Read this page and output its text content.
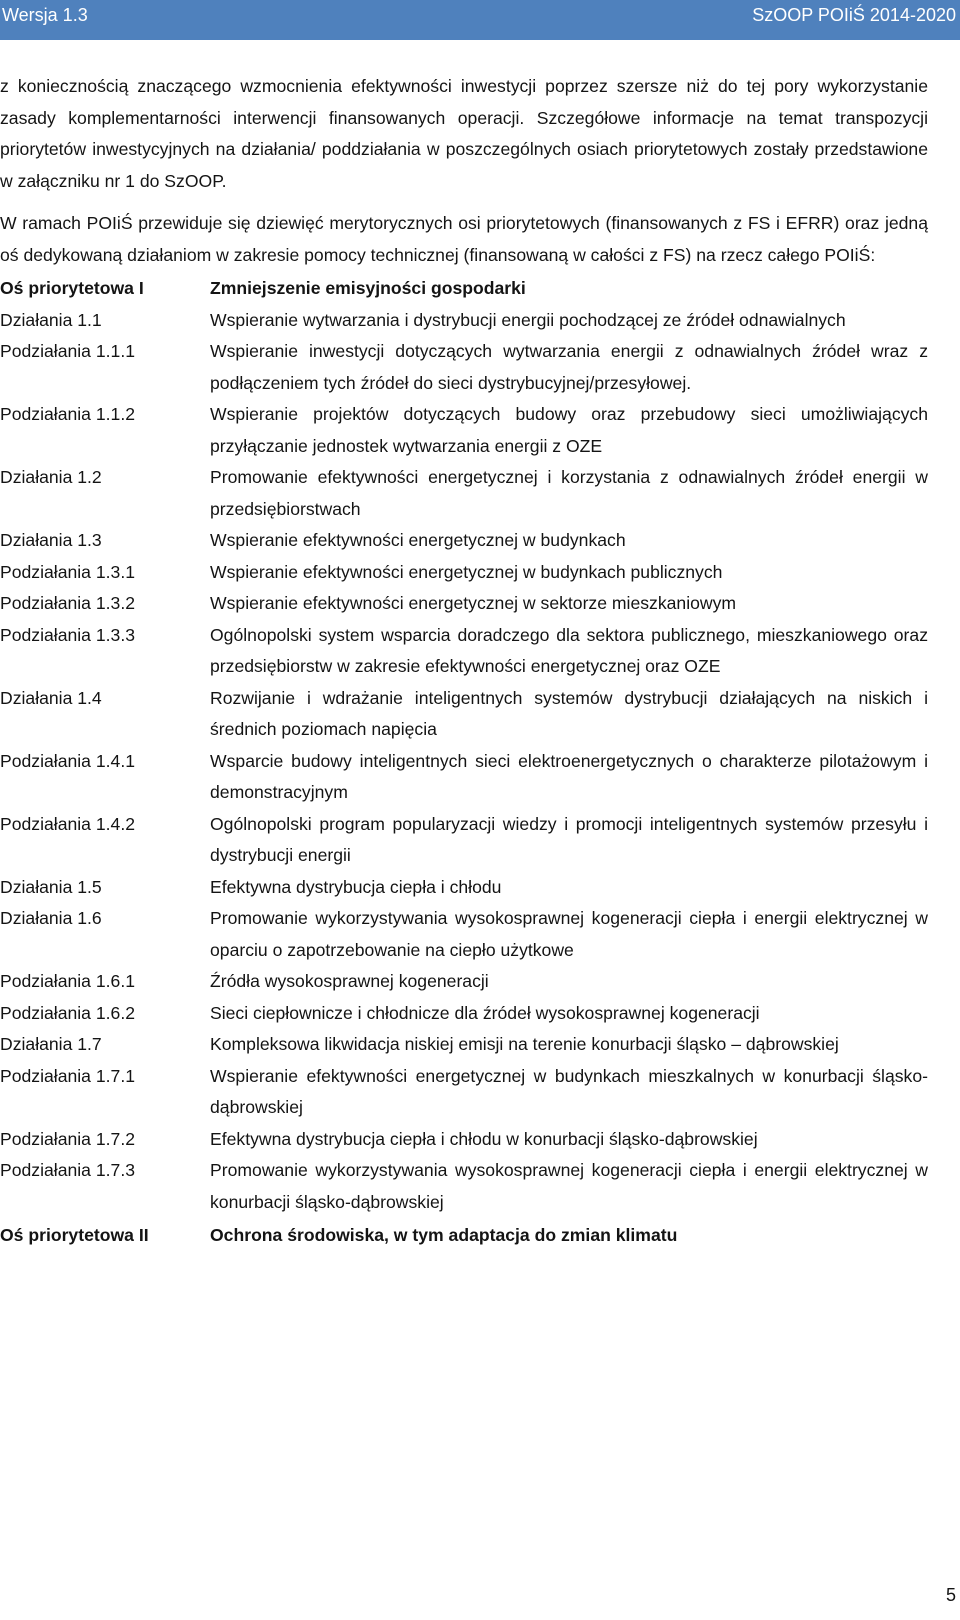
Wersja 1.3	SzOOP POIiŚ 2014-2020

z koniecznością znaczącego wzmocnienia efektywności inwestycji poprzez szersze niż do tej pory wykorzystanie zasady komplementarności interwencji finansowanych operacji. Szczegółowe informacje na temat transpozycji priorytetów inwestycyjnych na działania/ poddziałania w poszczególnych osiach priorytetowych zostały przedstawione w załączniku nr 1 do SzOOP.

W ramach POIiŚ przewiduje się dziewięć merytorycznych osi priorytetowych (finansowanych z FS i EFRR) oraz jedną oś dedykowaną działaniom w zakresie pomocy technicznej (finansowaną w całości z FS) na rzecz całego POIiŚ:

Oś priorytetowa I	Zmniejszenie emisyjności gospodarki
Działania 1.1	Wspieranie wytwarzania i dystrybucji energii pochodzącej ze źródeł odnawialnych
Podziałania 1.1.1	Wspieranie inwestycji dotyczących wytwarzania energii z odnawialnych źródeł wraz z podłączeniem tych źródeł do sieci dystrybucyjnej/przesyłowej.
Podziałania 1.1.2	Wspieranie projektów dotyczących budowy oraz przebudowy sieci umożliwiających przyłączanie jednostek wytwarzania energii z OZE
Działania 1.2	Promowanie efektywności energetycznej i korzystania z odnawialnych źródeł energii w przedsiębiorstwach
Działania 1.3	Wspieranie efektywności energetycznej w budynkach
Podziałania 1.3.1	Wspieranie efektywności energetycznej w budynkach publicznych
Podziałania 1.3.2	Wspieranie efektywności energetycznej w sektorze mieszkaniowym
Podziałania 1.3.3	Ogólnopolski system wsparcia doradczego dla sektora publicznego, mieszkaniowego oraz przedsiębiorstw w zakresie efektywności energetycznej oraz OZE
Działania 1.4	Rozwijanie i wdrażanie inteligentnych systemów dystrybucji działających na niskich i średnich poziomach napięcia
Podziałania 1.4.1	Wsparcie budowy inteligentnych sieci elektroenergetycznych o charakterze pilotażowym i demonstracyjnym
Podziałania 1.4.2	Ogólnopolski program popularyzacji wiedzy i promocji inteligentnych systemów przesyłu i dystrybucji energii
Działania 1.5	Efektywna dystrybucja ciepła i chłodu
Działania 1.6	Promowanie wykorzystywania wysokosprawnej kogeneracji ciepła i energii elektrycznej w oparciu o zapotrzebowanie na ciepło użytkowe
Podziałania 1.6.1	Źródła wysokosprawnej kogeneracji
Podziałania 1.6.2	Sieci ciepłownicze i chłodnicze dla źródeł wysokosprawnej kogeneracji
Działania 1.7	Kompleksowa likwidacja niskiej emisji na terenie konurbacji śląsko – dąbrowskiej
Podziałania 1.7.1	Wspieranie efektywności energetycznej w budynkach mieszkalnych w konurbacji śląsko-dąbrowskiej
Podziałania 1.7.2	Efektywna dystrybucja ciepła i chłodu w konurbacji śląsko-dąbrowskiej
Podziałania 1.7.3	Promowanie wykorzystywania wysokosprawnej kogeneracji ciepła i energii elektrycznej w konurbacji śląsko-dąbrowskiej
Oś priorytetowa II	Ochrona środowiska, w tym adaptacja do zmian klimatu
5
